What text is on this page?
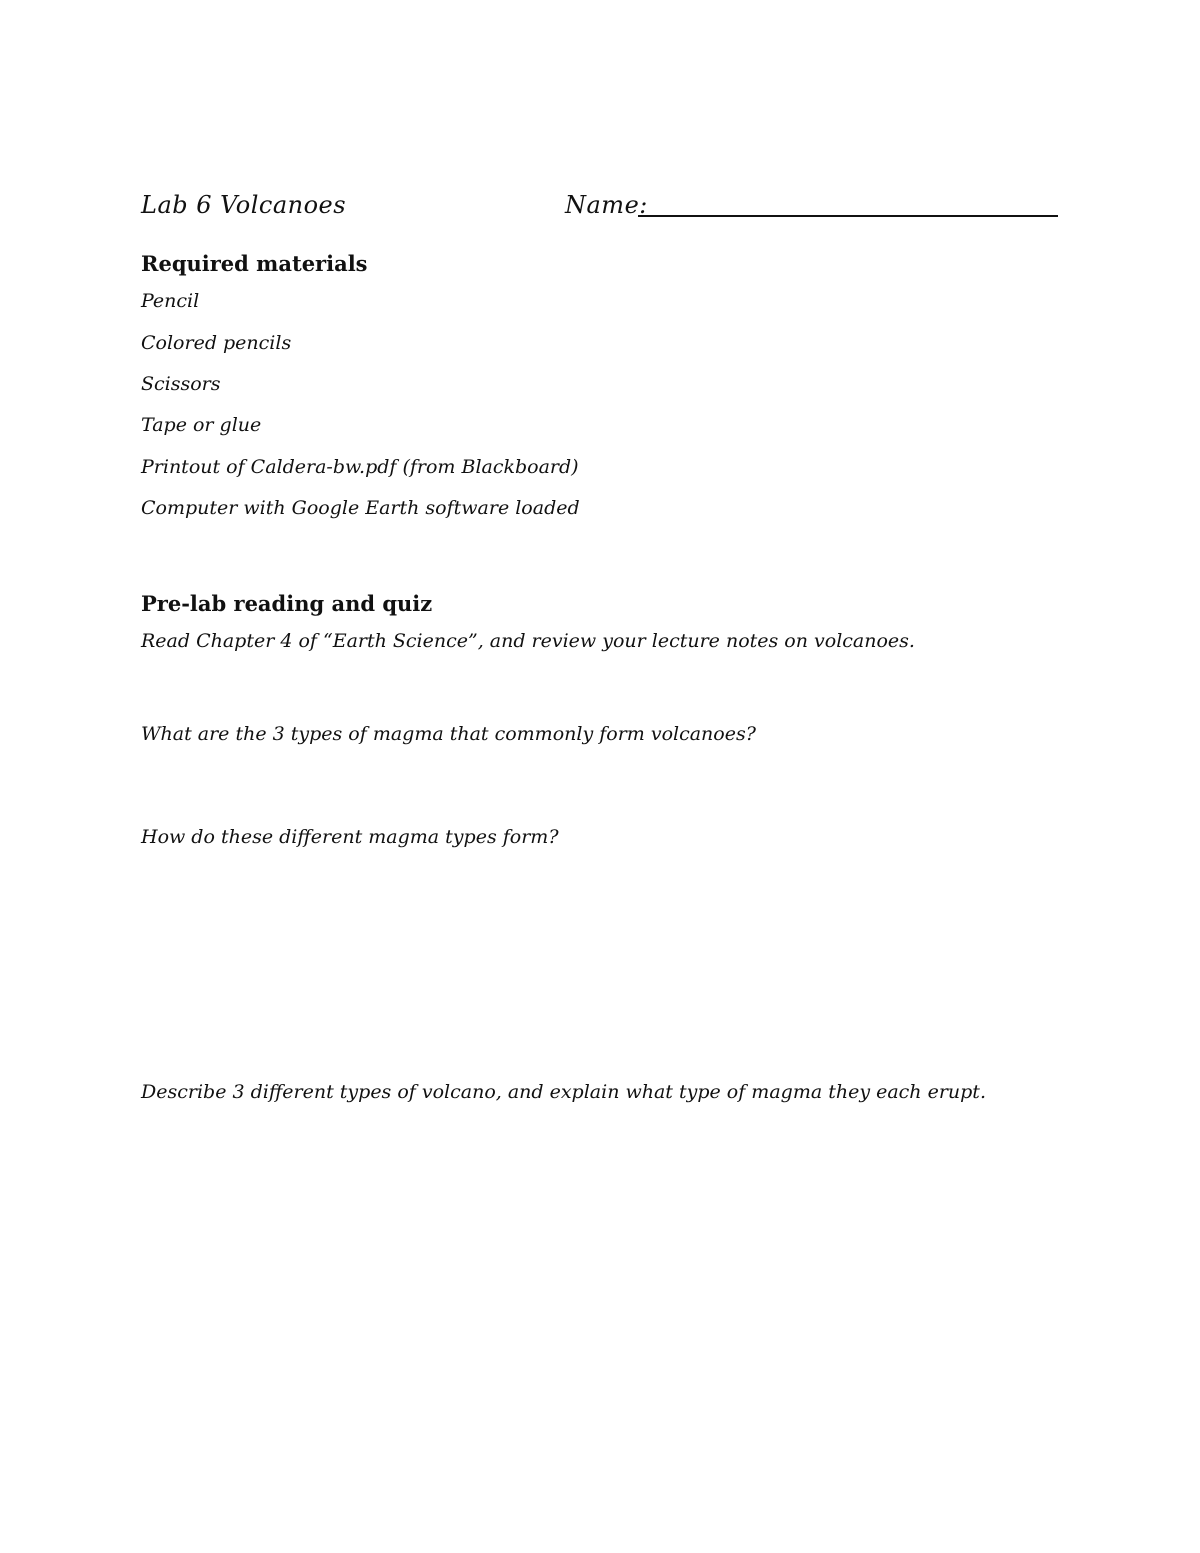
Lab 6 Volcanoes	Name:
Required materials
Pencil
Colored pencils
Scissors
Tape or glue
Printout of Caldera-bw.pdf (from Blackboard)
Computer with Google Earth software loaded
Pre-lab reading and quiz
Read Chapter 4 of “Earth Science”, and review your lecture notes on volcanoes.
What are the 3 types of magma that commonly form volcanoes?
How do these different magma types form?
Describe 3 different types of volcano, and explain what type of magma they each erupt.
